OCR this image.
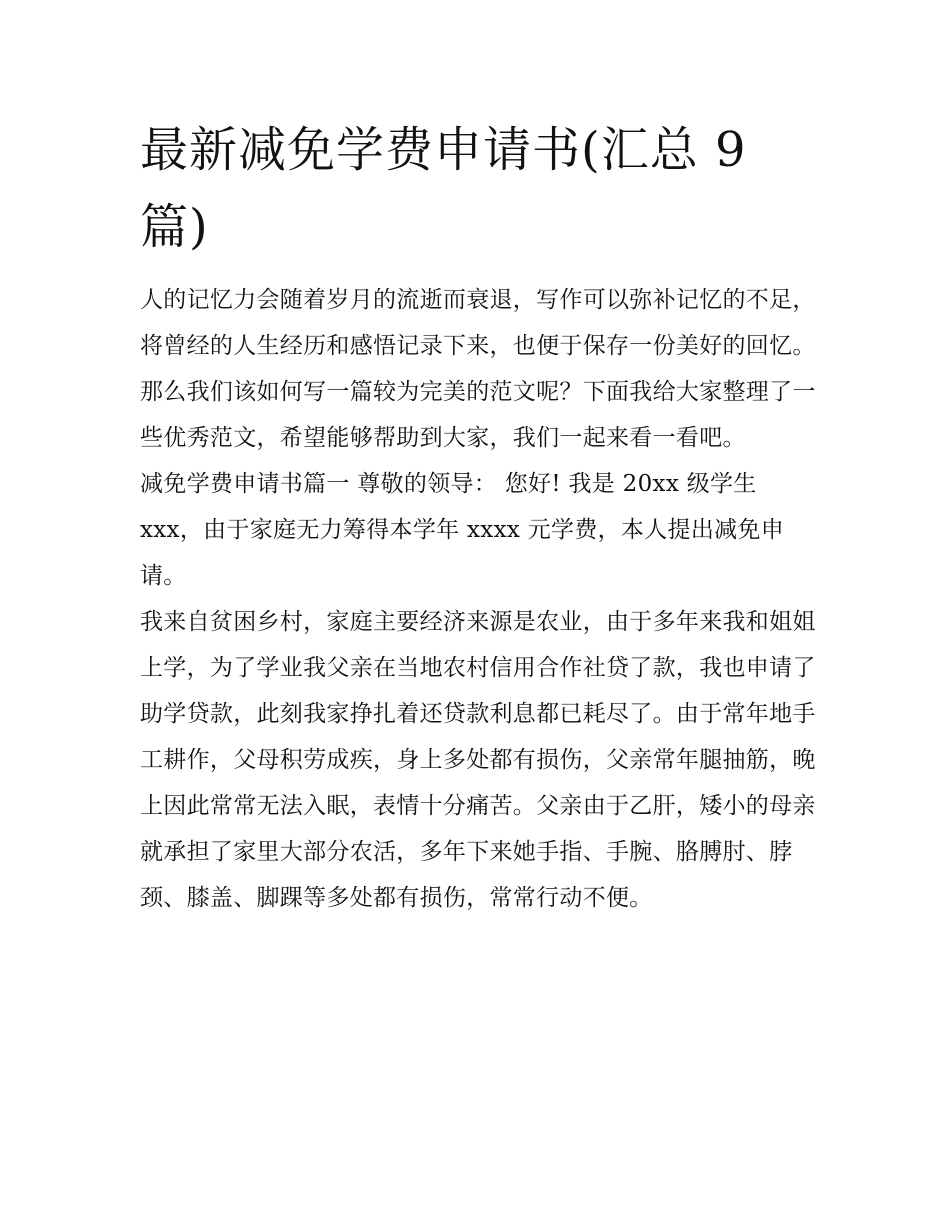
最新减免学费申请书(汇总 9 篇)

人的记忆力会随着岁月的流逝而衰退，写作可以弥补记忆的不足，将曾经的人生经历和感悟记录下来，也便于保存一份美好的回忆。那么我们该如何写一篇较为完美的范文呢？下面我给大家整理了一些优秀范文，希望能够帮助到大家，我们一起来看一看吧。

减免学费申请书篇一 尊敬的领导： 您好! 我是 20xx 级学生 xxx，由于家庭无力筹得本学年 xxxx 元学费，本人提出减免申请。

我来自贫困乡村，家庭主要经济来源是农业，由于多年来我和姐姐上学，为了学业我父亲在当地农村信用合作社贷了款，我也申请了助学贷款，此刻我家挣扎着还贷款利息都已耗尽了。由于常年地手工耕作，父母积劳成疾，身上多处都有损伤，父亲常年腿抽筋，晚上因此常常无法入眠，表情十分痛苦。父亲由于乙肝，矮小的母亲就承担了家里大部分农活，多年下来她手指、手腕、胳膊肘、脖颈、膝盖、脚踝等多处都有损伤，常常行动不便。
